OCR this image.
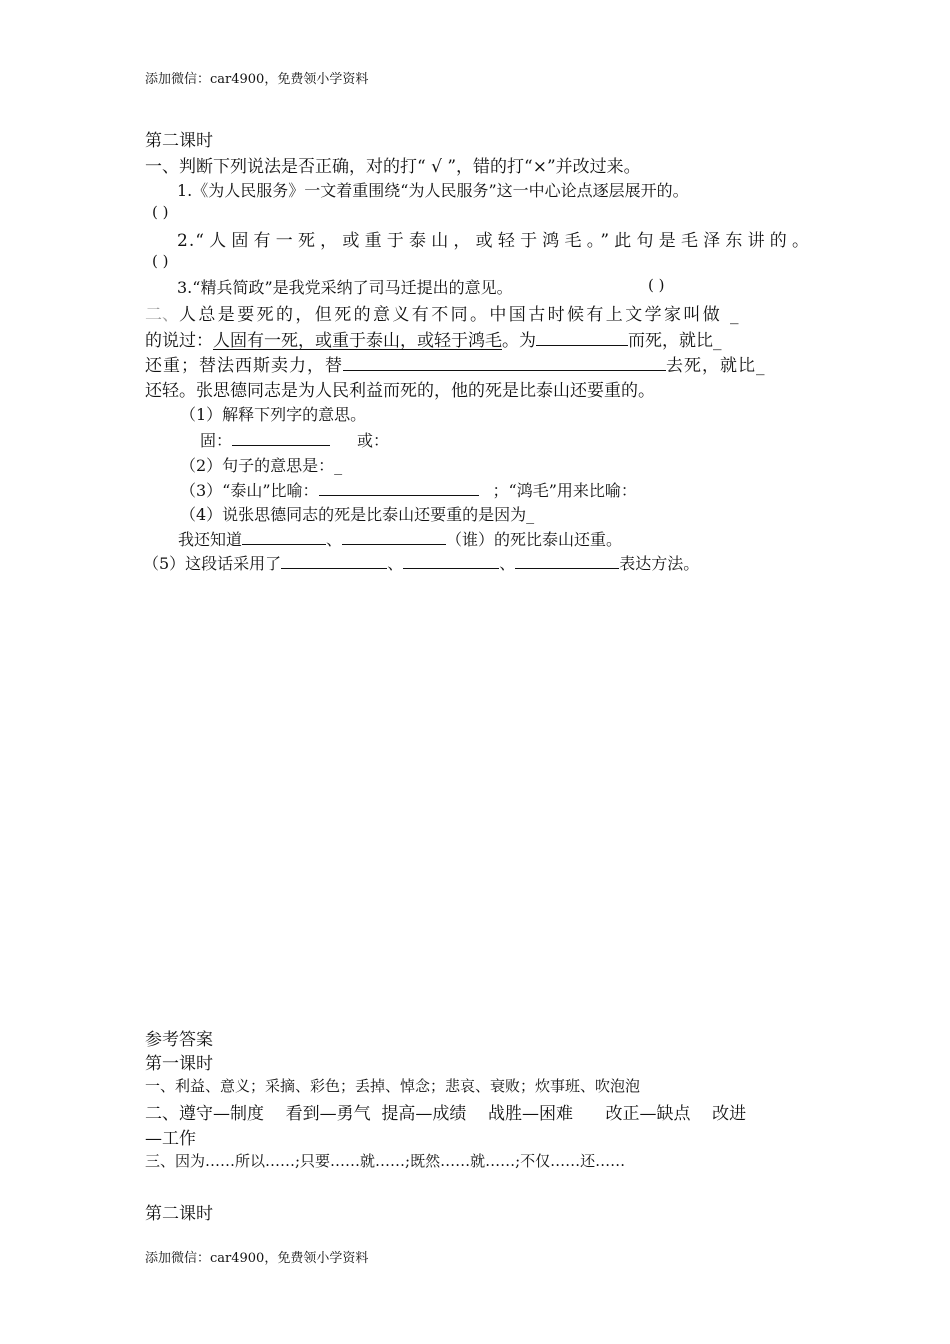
添加微信：car4900，免费领小学资料
第二课时
一、判断下列说法是否正确，对的打“ √ ”，错的打“×”并改过来。
1.《为人民服务》一文着重围绕“为人民服务”这一中心论点逐层展开的。
( )
2.“人固有一死，或重于泰山，或轻于鸿毛。”此句是毛泽东讲的。
( )
3.“精兵简政”是我党采纳了司马迁提出的意见。	( )
二、人总是要死的，但死的意义有不同。中国古时候有上文学家叫做 _
的说过：人固有一死，或重于泰山，或轻于鸿毛。为	而死，就比_
还重；替法西斯卖力，替	去死，就比_
还轻。张思德同志是为人民利益而死的，他的死是比泰山还要重的。
（1）解释下列字的意思。
固：	或：
（2）句子的意思是：_
（3）“泰山”比喻：	；“鸿毛”用来比喻：
（4）说张思德同志的死是比泰山还要重的是因为_
我还知道	、	（谁）的死比泰山还重。
（5）这段话采用了	、	、	表达方法。
参考答案
第一课时
一、利益、意义；采摘、彩色；丢掉、悼念；悲哀、衰败；炊事班、吹泡泡
二、遵守—制度    看到—勇气  提高—成绩    战胜—困难      改正—缺点    改进
—工作
三、因为……所以……;只要……就……;既然……就……;不仅……还……
第二课时
添加微信：car4900，免费领小学资料
